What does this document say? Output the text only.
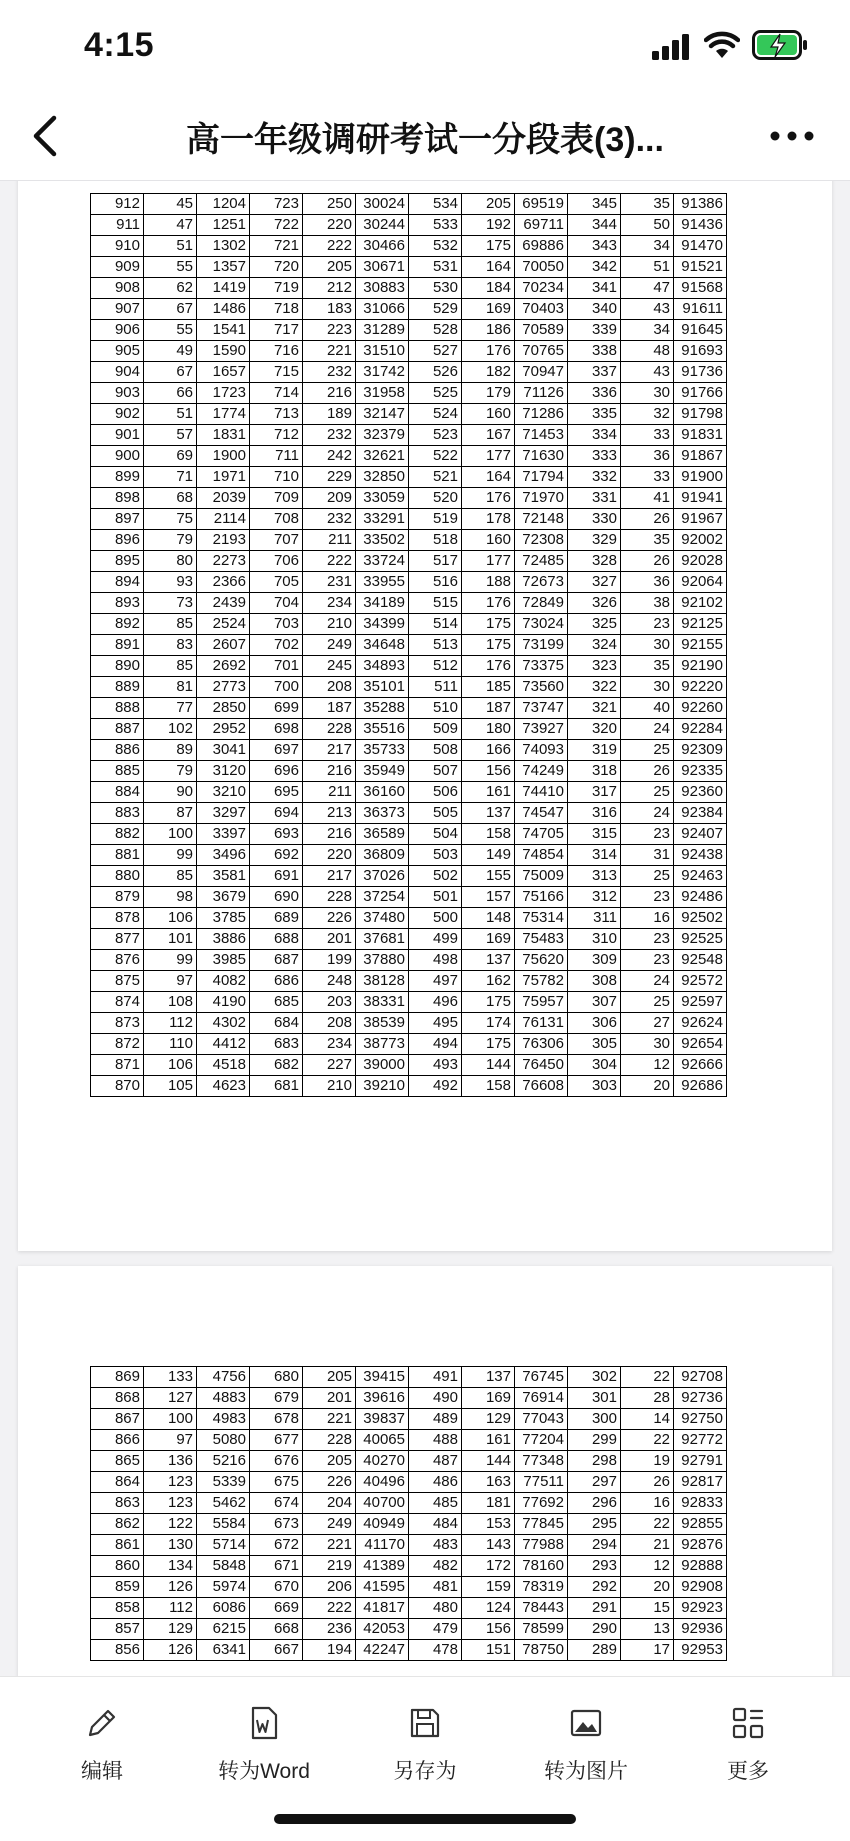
4:15
高一年级调研考试一分段表(3)...
912	45	1204	723	250	30024	534	205	69519	345	35	91386
911	47	1251	722	220	30244	533	192	69711	344	50	91436
910	51	1302	721	222	30466	532	175	69886	343	34	91470
909	55	1357	720	205	30671	531	164	70050	342	51	91521
908	62	1419	719	212	30883	530	184	70234	341	47	91568
907	67	1486	718	183	31066	529	169	70403	340	43	91611
906	55	1541	717	223	31289	528	186	70589	339	34	91645
905	49	1590	716	221	31510	527	176	70765	338	48	91693
904	67	1657	715	232	31742	526	182	70947	337	43	91736
903	66	1723	714	216	31958	525	179	71126	336	30	91766
902	51	1774	713	189	32147	524	160	71286	335	32	91798
901	57	1831	712	232	32379	523	167	71453	334	33	91831
900	69	1900	711	242	32621	522	177	71630	333	36	91867
899	71	1971	710	229	32850	521	164	71794	332	33	91900
898	68	2039	709	209	33059	520	176	71970	331	41	91941
897	75	2114	708	232	33291	519	178	72148	330	26	91967
896	79	2193	707	211	33502	518	160	72308	329	35	92002
895	80	2273	706	222	33724	517	177	72485	328	26	92028
894	93	2366	705	231	33955	516	188	72673	327	36	92064
893	73	2439	704	234	34189	515	176	72849	326	38	92102
892	85	2524	703	210	34399	514	175	73024	325	23	92125
891	83	2607	702	249	34648	513	175	73199	324	30	92155
890	85	2692	701	245	34893	512	176	73375	323	35	92190
889	81	2773	700	208	35101	511	185	73560	322	30	92220
888	77	2850	699	187	35288	510	187	73747	321	40	92260
887	102	2952	698	228	35516	509	180	73927	320	24	92284
886	89	3041	697	217	35733	508	166	74093	319	25	92309
885	79	3120	696	216	35949	507	156	74249	318	26	92335
884	90	3210	695	211	36160	506	161	74410	317	25	92360
883	87	3297	694	213	36373	505	137	74547	316	24	92384
882	100	3397	693	216	36589	504	158	74705	315	23	92407
881	99	3496	692	220	36809	503	149	74854	314	31	92438
880	85	3581	691	217	37026	502	155	75009	313	25	92463
879	98	3679	690	228	37254	501	157	75166	312	23	92486
878	106	3785	689	226	37480	500	148	75314	311	16	92502
877	101	3886	688	201	37681	499	169	75483	310	23	92525
876	99	3985	687	199	37880	498	137	75620	309	23	92548
875	97	4082	686	248	38128	497	162	75782	308	24	92572
874	108	4190	685	203	38331	496	175	75957	307	25	92597
873	112	4302	684	208	38539	495	174	76131	306	27	92624
872	110	4412	683	234	38773	494	175	76306	305	30	92654
871	106	4518	682	227	39000	493	144	76450	304	12	92666
870	105	4623	681	210	39210	492	158	76608	303	20	92686
869	133	4756	680	205	39415	491	137	76745	302	22	92708
868	127	4883	679	201	39616	490	169	76914	301	28	92736
867	100	4983	678	221	39837	489	129	77043	300	14	92750
866	97	5080	677	228	40065	488	161	77204	299	22	92772
865	136	5216	676	205	40270	487	144	77348	298	19	92791
864	123	5339	675	226	40496	486	163	77511	297	26	92817
863	123	5462	674	204	40700	485	181	77692	296	16	92833
862	122	5584	673	249	40949	484	153	77845	295	22	92855
861	130	5714	672	221	41170	483	143	77988	294	21	92876
860	134	5848	671	219	41389	482	172	78160	293	12	92888
859	126	5974	670	206	41595	481	159	78319	292	20	92908
858	112	6086	669	222	41817	480	124	78443	291	15	92923
857	129	6215	668	236	42053	479	156	78599	290	13	92936
856	126	6341	667	194	42247	478	151	78750	289	17	92953
编辑	转为Word	另存为	转为图片	更多
